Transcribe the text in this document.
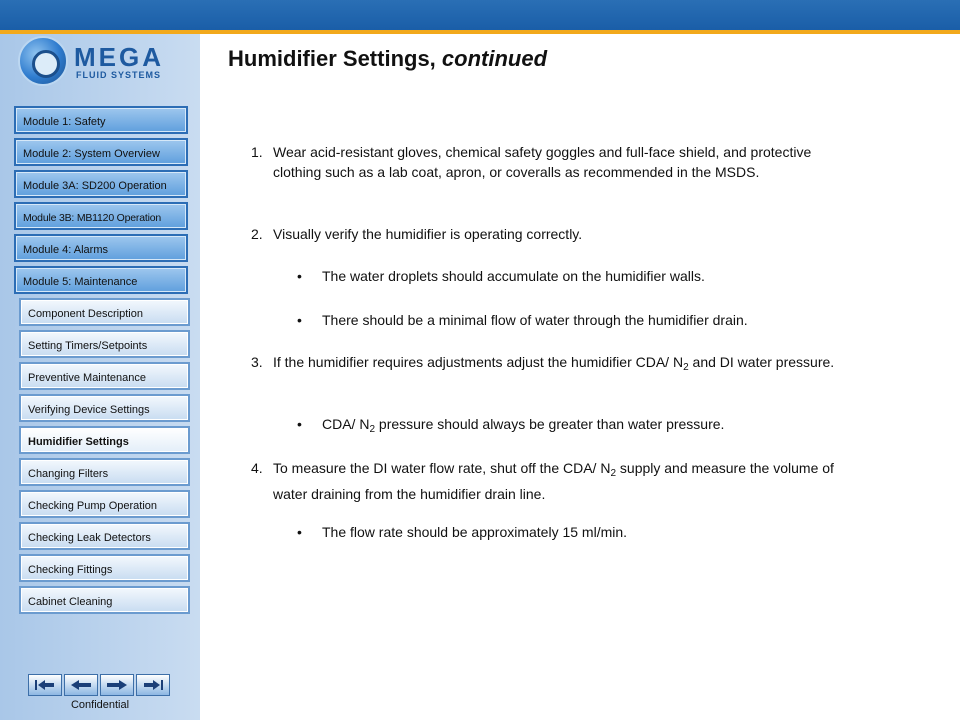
MEGA
FLUID SYSTEMS
Module 1: Safety
Module 2: System Overview
Module 3A: SD200 Operation
Module 3B: MB1120 Operation
Module 4: Alarms
Module 5: Maintenance
Component Description
Setting Timers/Setpoints
Preventive Maintenance
Verifying Device Settings
Humidifier Settings
Changing Filters
Checking Pump Operation
Checking Leak Detectors
Checking Fittings
Cabinet Cleaning
Confidential
Humidifier Settings, continued
1. Wear acid-resistant gloves, chemical safety goggles and full-face shield, and protective clothing such as a lab coat, apron, or coveralls as recommended in the MSDS.
2. Visually verify the humidifier is operating correctly.
•	The water droplets should accumulate on the humidifier walls.
•	There should be a minimal flow of water through the humidifier drain.
3. If the humidifier requires adjustments adjust the humidifier CDA/ $N_2$ and DI water pressure.
•	CDA/ $N_2$ pressure should always be greater than water pressure.
4. To measure the DI water flow rate, shut off the CDA/ $N_2$ supply and measure the volume of water draining from the humidifier drain line.
•	The flow rate should be approximately 15 ml/min.
